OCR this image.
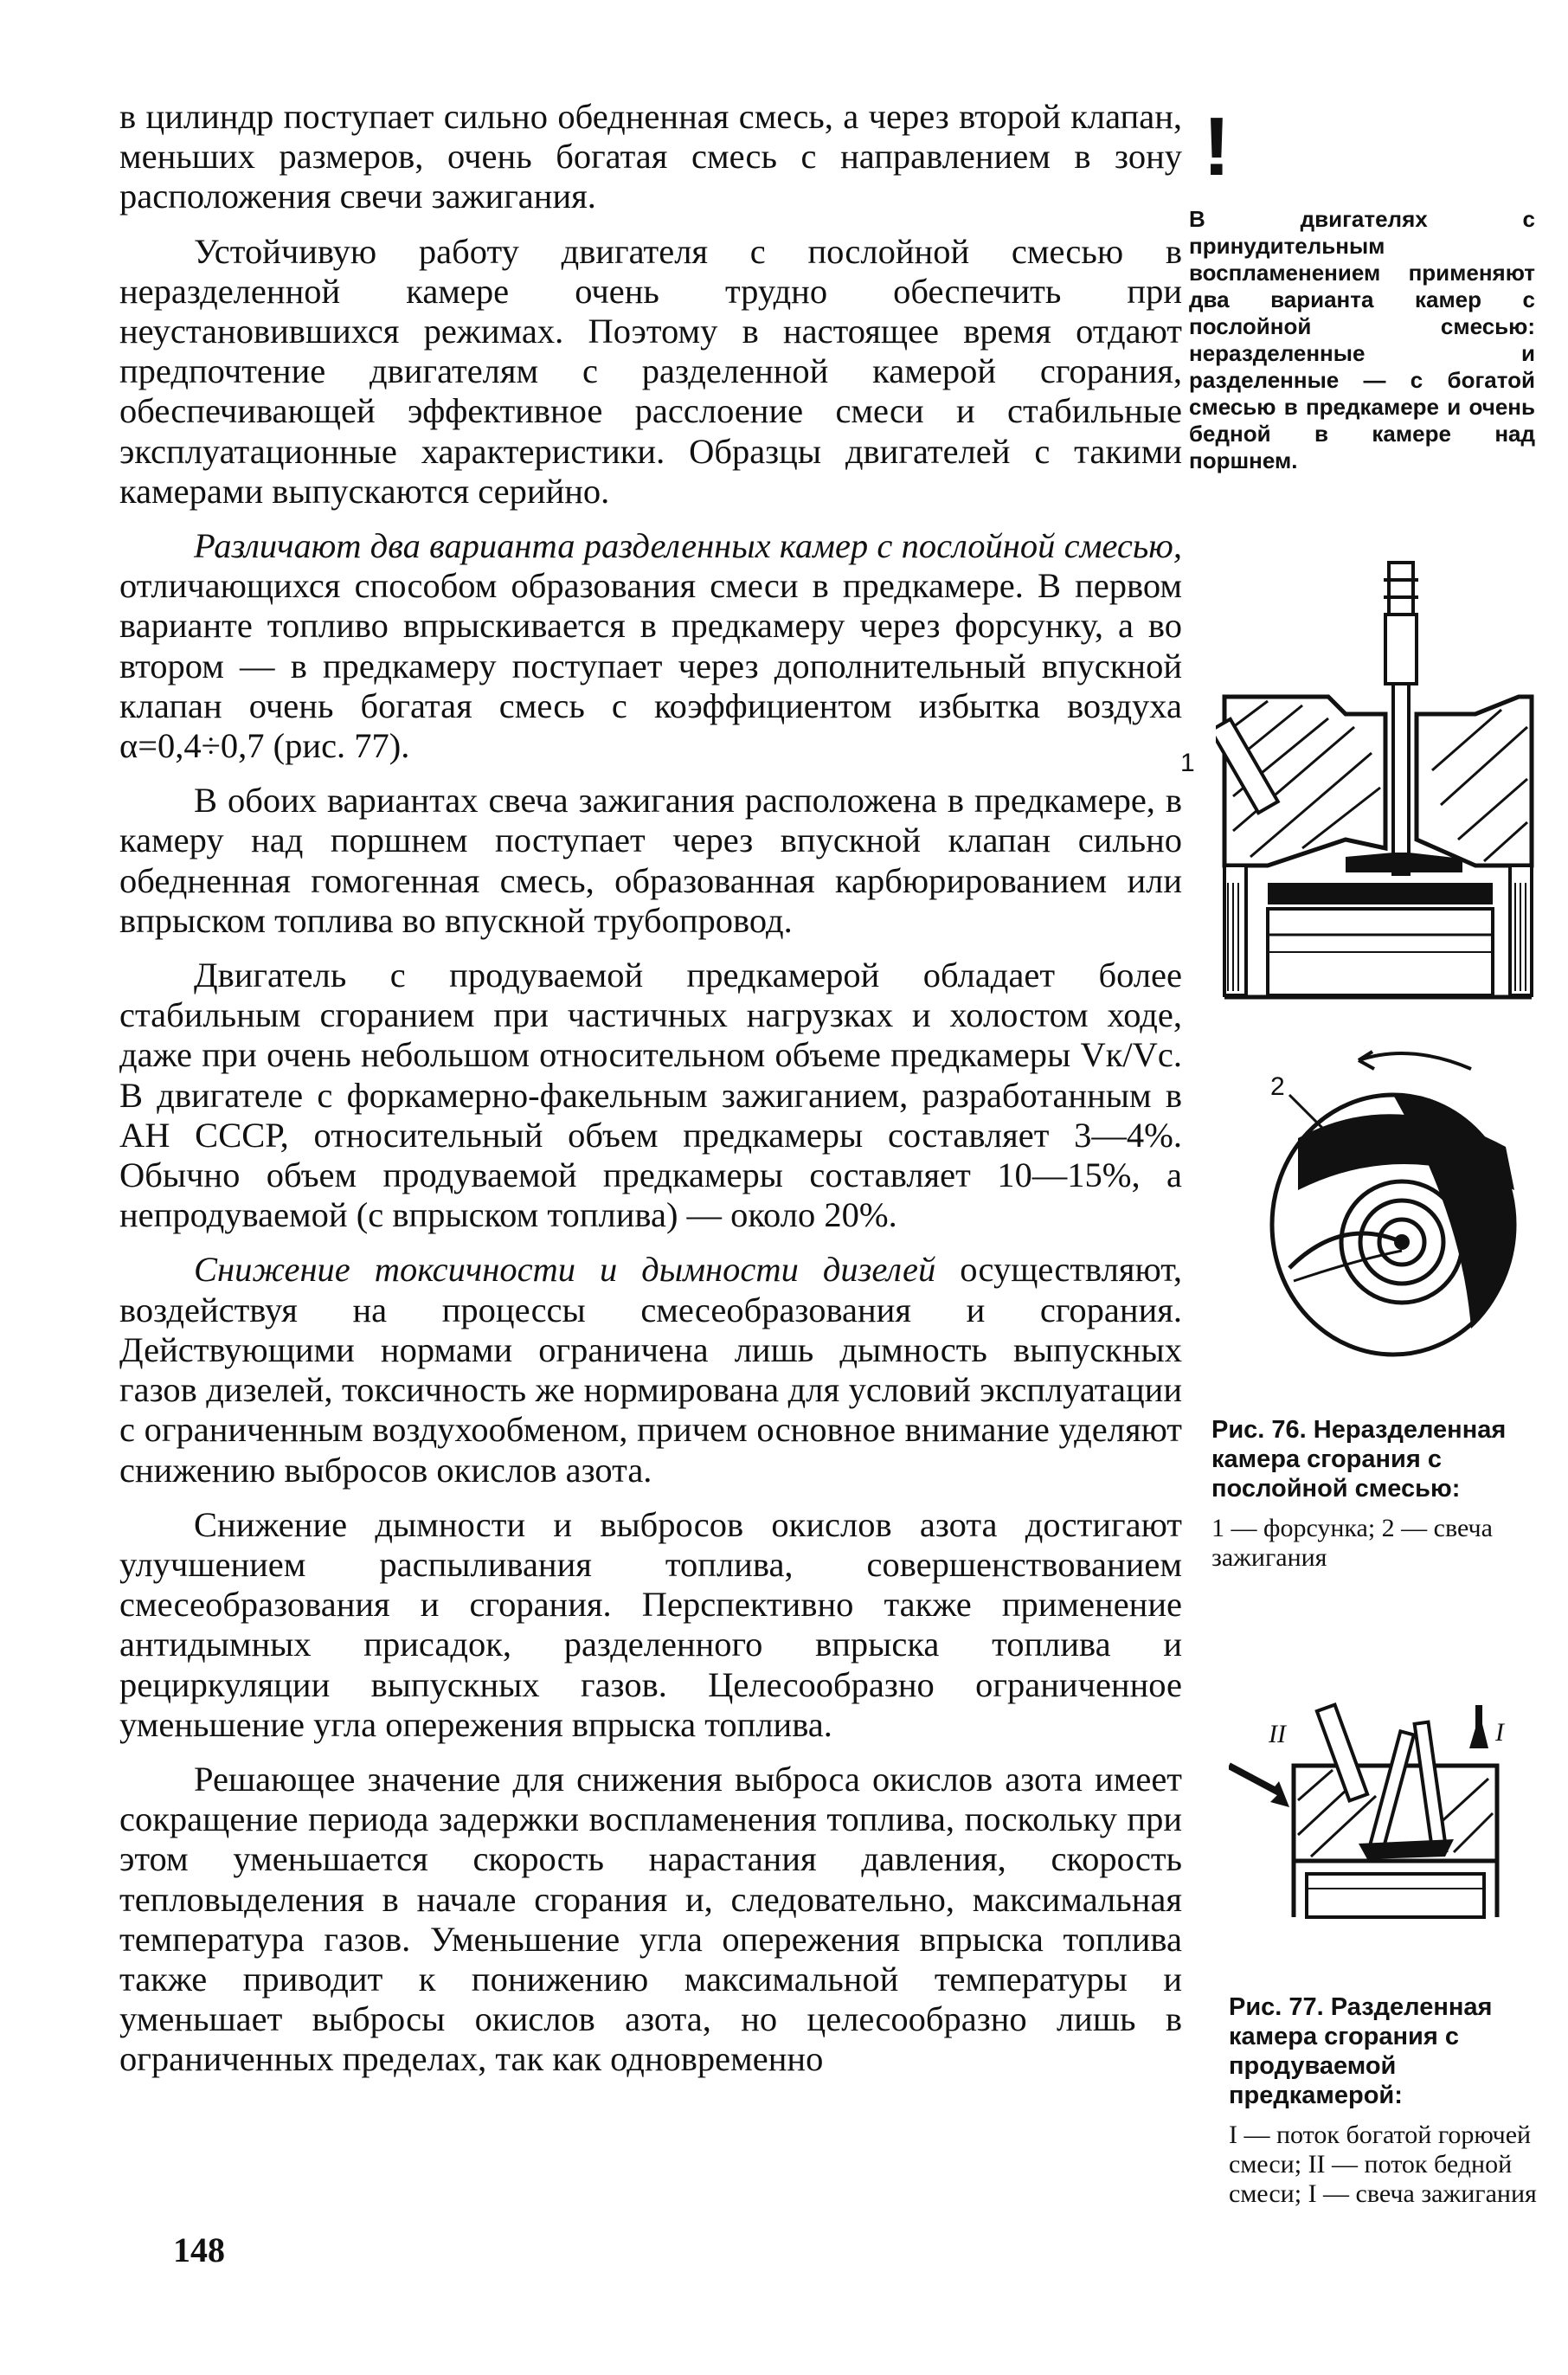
в цилиндр поступает сильно обедненная смесь, а через второй клапан, меньших размеров, очень богатая смесь с направлением в зону расположения свечи зажигания.

Устойчивую работу двигателя с послойной смесью в неразделенной камере очень трудно обеспечить при неустановившихся режимах. Поэтому в настоящее время отдают предпочтение двигателям с разделенной камерой сгорания, обеспечивающей эффективное расслоение смеси и стабильные эксплуатационные характеристики. Образцы двигателей с такими камерами выпускаются серийно.

Различают два варианта разделенных камер с послойной смесью, отличающихся способом образования смеси в предкамере. В первом варианте топливо впрыскивается в предкамеру через форсунку, а во втором — в предкамеру поступает через дополнительный впускной клапан очень богатая смесь с коэффициентом избытка воздуха α=0,4÷0,7 (рис. 77).

В обоих вариантах свеча зажигания расположена в предкамере, в камеру над поршнем поступает через впускной клапан сильно обедненная гомогенная смесь, образованная карбюрированием или впрыском топлива во впускной трубопровод.

Двигатель с продуваемой предкамерой обладает более стабильным сгоранием при частичных нагрузках и холостом ходе, даже при очень небольшом относительном объеме предкамеры Vк/Vс. В двигателе с форкамерно-факельным зажиганием, разработанным в АН СССР, относительный объем предкамеры составляет 3—4%. Обычно объем продуваемой предкамеры составляет 10—15%, а непродуваемой (с впрыском топлива) — около 20%.

Снижение токсичности и дымности дизелей осуществляют, воздействуя на процессы смесеобразования и сгорания. Действующими нормами ограничена лишь дымность выпускных газов дизелей, токсичность же нормирована для условий эксплуатации с ограниченным воздухообменом, причем основное внимание уделяют снижению выбросов окислов азота.

Снижение дымности и выбросов окислов азота достигают улучшением распыливания топлива, совершенствованием смесеобразования и сгорания. Перспективно также применение антидымных присадок, разделенного впрыска топлива и рециркуляции выпускных газов. Целесообразно ограниченное уменьшение угла опережения впрыска топлива.

Решающее значение для снижения выброса окислов азота имеет сокращение периода задержки воспламенения топлива, поскольку при этом уменьшается скорость нарастания давления, скорость тепловыделения в начале сгорания и, следовательно, максимальная температура газов. Уменьшение угла опережения впрыска топлива также приводит к понижению максимальной температуры и уменьшает выбросы окислов азота, но целесообразно лишь в ограниченных пределах, так как одновременно

!
В двигателях с принудительным воспламенением применяют два варианта камер с послойной смесью: неразделенные и разделенные — с богатой смесью в предкамере и очень бедной в камере над поршнем.
1
2
Рис. 76. Неразделенная камера сгорания с послойной смесью:
1 — форсунка; 2 — свеча зажигания
II	I
Рис. 77. Разделенная камера сгорания с продуваемой предкамерой:
I — поток богатой горючей смеси; II — поток бедной смеси; I — свеча зажигания
148
